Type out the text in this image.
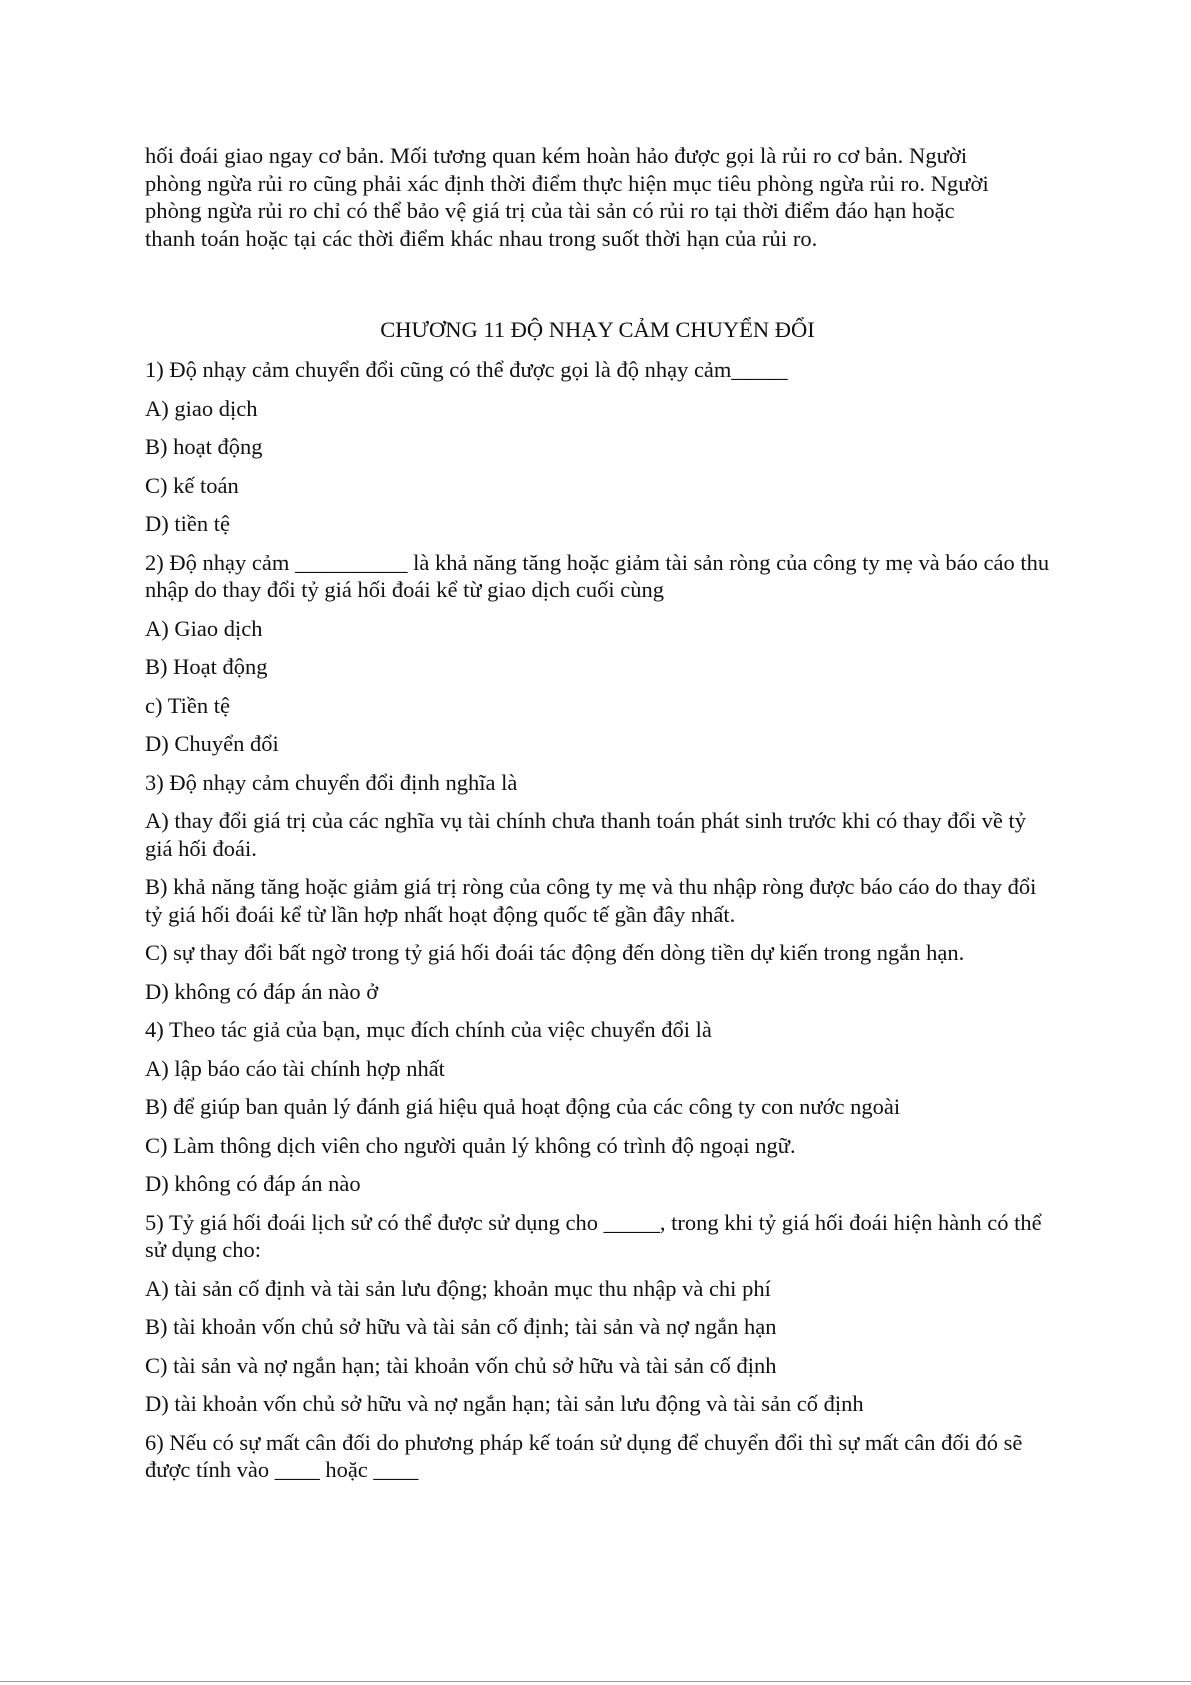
hối đoái giao ngay cơ bản. Mối tương quan kém hoàn hảo được gọi là rủi ro cơ bản. Người

phòng ngừa rủi ro cũng phải xác định thời điểm thực hiện mục tiêu phòng ngừa rủi ro. Người

phòng ngừa rủi ro chỉ có thể bảo vệ giá trị của tài sản có rủi ro tại thời điểm đáo hạn hoặc

thanh toán hoặc tại các thời điểm khác nhau trong suốt thời hạn của rủi ro.

CHƯƠNG 11 ĐỘ NHẠY CẢM CHUYỂN ĐỔI
1) Độ nhạy cảm chuyển đổi cũng có thể được gọi là độ nhạy cảm_____
A) giao dịch
B) hoạt động
C) kế toán
D) tiền tệ
2) Độ nhạy cảm __________ là khả năng tăng hoặc giảm tài sản ròng của công ty mẹ và báo cáo thu nhập do thay đổi tỷ giá hối đoái kể từ giao dịch cuối cùng
A) Giao dịch
B) Hoạt động
c) Tiền tệ
D) Chuyển đổi
3) Độ nhạy cảm chuyển đổi định nghĩa là
A) thay đổi giá trị của các nghĩa vụ tài chính chưa thanh toán phát sinh trước khi có thay đổi về tỷ giá hối đoái.
B) khả năng tăng hoặc giảm giá trị ròng của công ty mẹ và thu nhập ròng được báo cáo do thay đổi tỷ giá hối đoái kể từ lần hợp nhất hoạt động quốc tế gần đây nhất.
C) sự thay đổi bất ngờ trong tỷ giá hối đoái tác động đến dòng tiền dự kiến trong ngắn hạn.
D) không có đáp án nào ở
4) Theo tác giả của bạn, mục đích chính của việc chuyển đổi là
A) lập báo cáo tài chính hợp nhất
B) để giúp ban quản lý đánh giá hiệu quả hoạt động của các công ty con nước ngoài
C) Làm thông dịch viên cho người quản lý không có trình độ ngoại ngữ.
D) không có đáp án nào
5) Tỷ giá hối đoái lịch sử có thể được sử dụng cho _____, trong khi tỷ giá hối đoái hiện hành có thể sử dụng cho:
A) tài sản cố định và tài sản lưu động; khoản mục thu nhập và chi phí
B) tài khoản vốn chủ sở hữu và tài sản cố định; tài sản và nợ ngắn hạn
C) tài sản và nợ ngắn hạn; tài khoản vốn chủ sở hữu và tài sản cố định
D) tài khoản vốn chủ sở hữu và nợ ngắn hạn; tài sản lưu động và tài sản cố định
6) Nếu có sự mất cân đối do phương pháp kế toán sử dụng để chuyển đổi thì sự mất cân đối đó sẽ được tính vào ____ hoặc ____
